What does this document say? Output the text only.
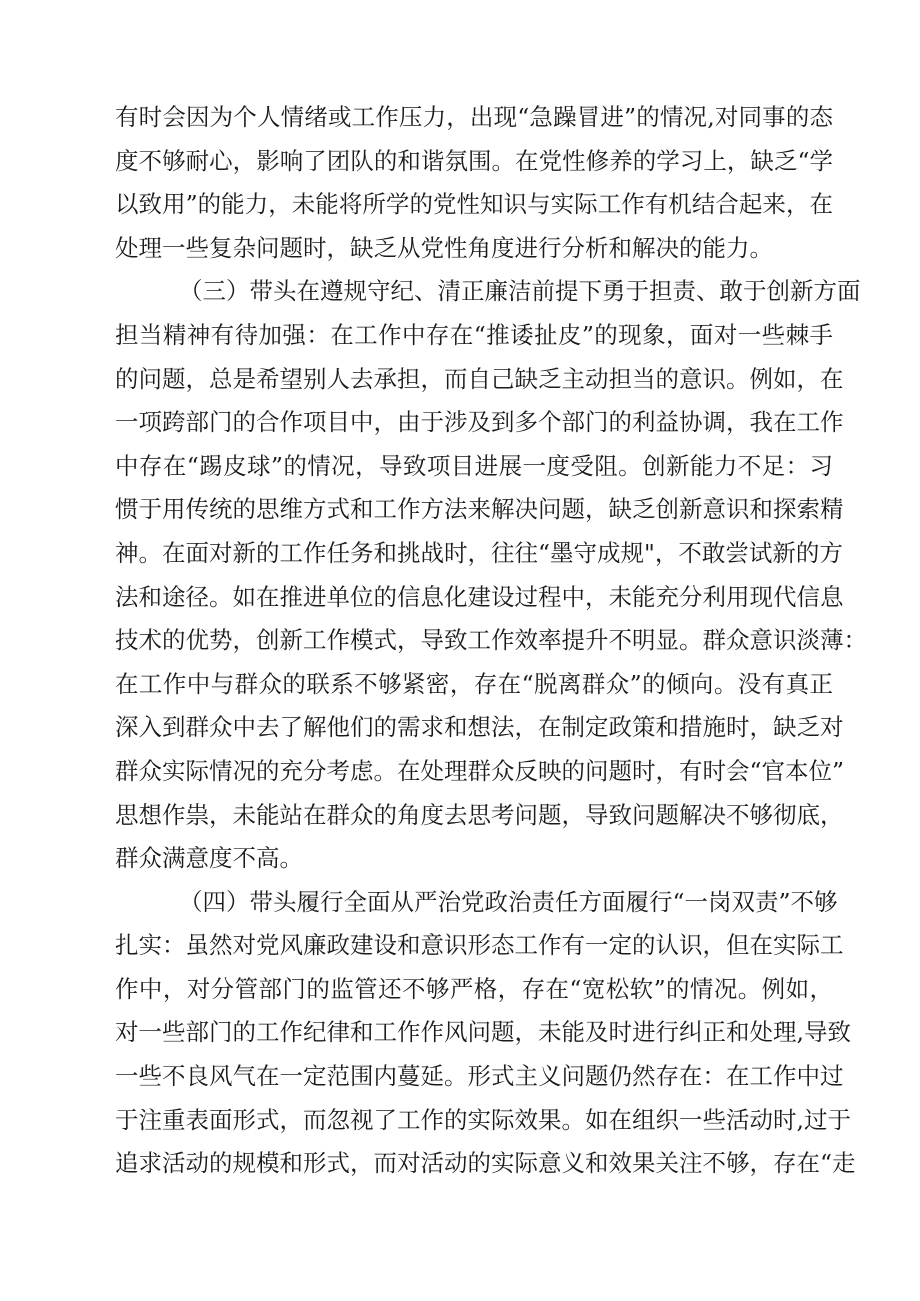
有时会因为个人情绪或工作压力，出现“急躁冒进”的情况,对同事的态
度不够耐心，影响了团队的和谐氛围。在党性修养的学习上，缺乏“学
以致用”的能力，未能将所学的党性知识与实际工作有机结合起来，在
处理一些复杂问题时，缺乏从党性角度进行分析和解决的能力。
（三）带头在遵规守纪、清正廉洁前提下勇于担责、敢于创新方面
担当精神有待加强：在工作中存在“推诿扯皮”的现象，面对一些棘手
的问题，总是希望别人去承担，而自己缺乏主动担当的意识。例如，在
一项跨部门的合作项目中，由于涉及到多个部门的利益协调，我在工作
中存在“踢皮球”的情况，导致项目进展一度受阻。创新能力不足：习
惯于用传统的思维方式和工作方法来解决问题，缺乏创新意识和探索精
神。在面对新的工作任务和挑战时，往往“墨守成规"，不敢尝试新的方
法和途径。如在推进单位的信息化建设过程中，未能充分利用现代信息
技术的优势，创新工作模式，导致工作效率提升不明显。群众意识淡薄：
在工作中与群众的联系不够紧密，存在“脱离群众”的倾向。没有真正
深入到群众中去了解他们的需求和想法，在制定政策和措施时，缺乏对
群众实际情况的充分考虑。在处理群众反映的问题时，有时会“官本位”
思想作祟，未能站在群众的角度去思考问题，导致问题解决不够彻底，
群众满意度不高。
（四）带头履行全面从严治党政治责任方面履行“一岗双责”不够
扎实：虽然对党风廉政建设和意识形态工作有一定的认识，但在实际工
作中，对分管部门的监管还不够严格，存在“宽松软”的情况。例如，
对一些部门的工作纪律和工作作风问题，未能及时进行纠正和处理,导致
一些不良风气在一定范围内蔓延。形式主义问题仍然存在：在工作中过
于注重表面形式，而忽视了工作的实际效果。如在组织一些活动时,过于
追求活动的规模和形式，而对活动的实际意义和效果关注不够，存在“走
